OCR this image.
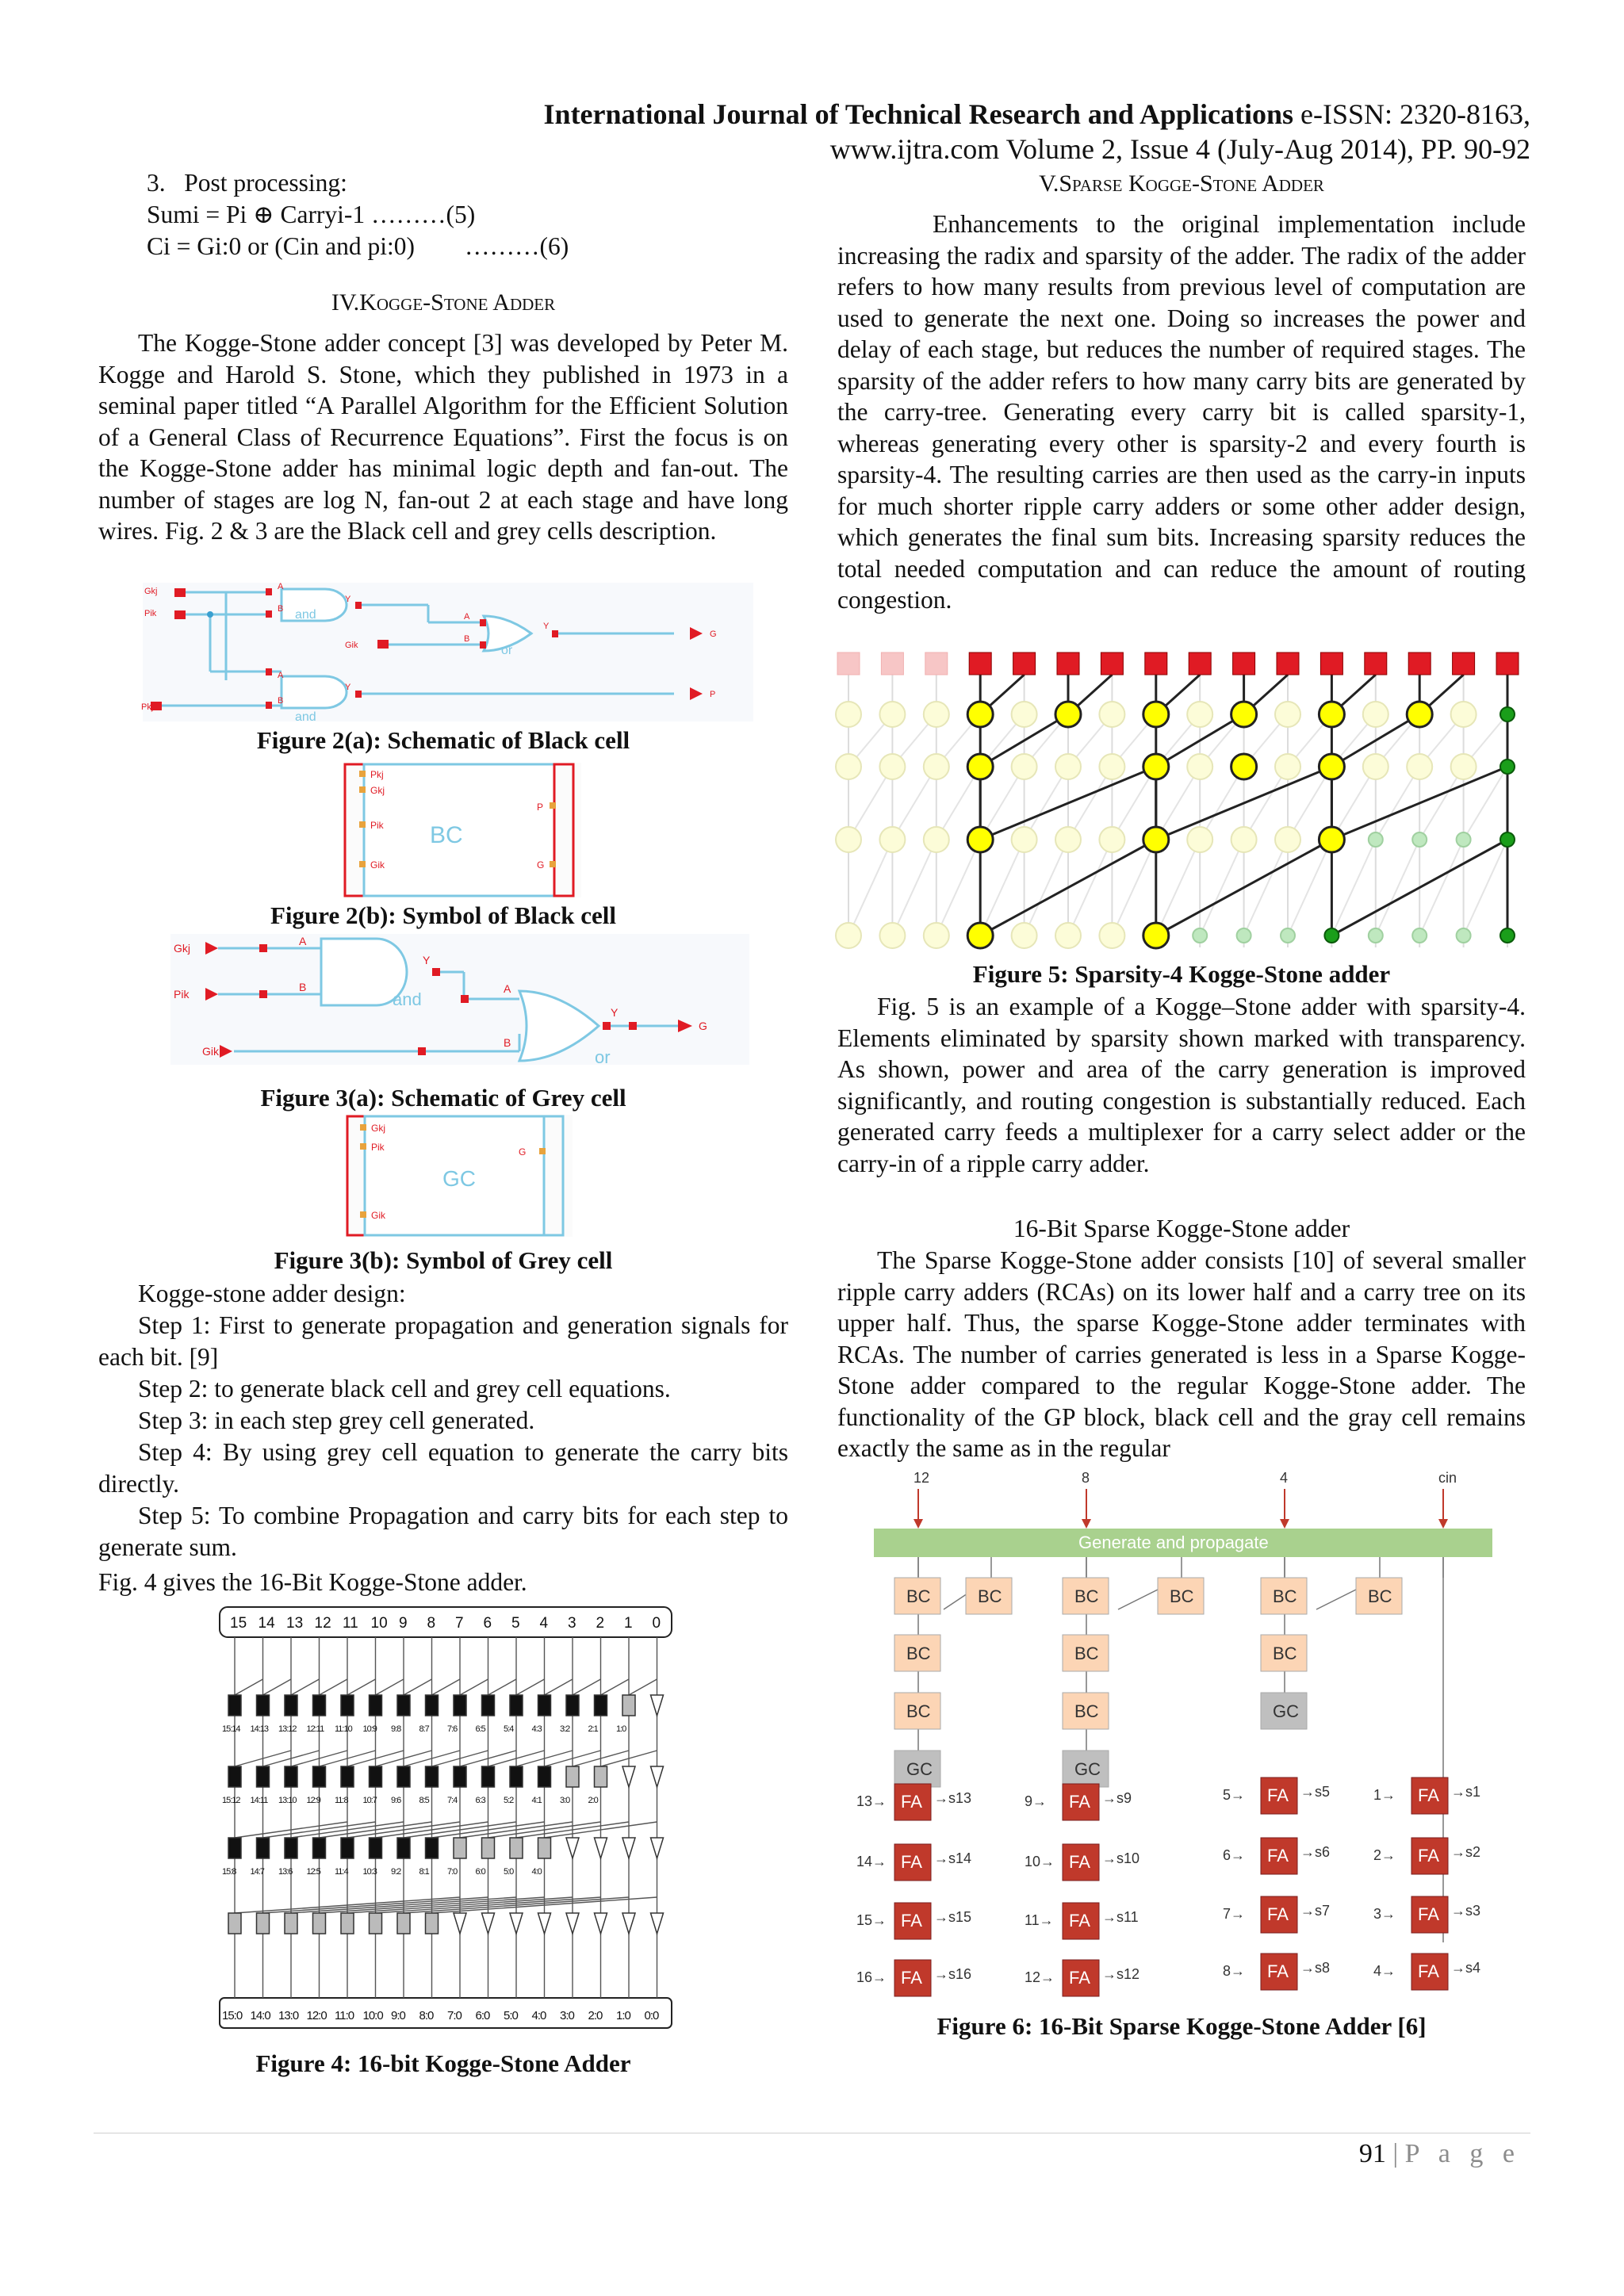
International Journal of Technical Research and Applications e-ISSN: 2320-8163,
www.ijtra.com Volume 2, Issue 4 (July-Aug 2014), PP. 90-92
3.   Post processing:
Sumi = Pi ⊕ Carryi-1 ………(5)
Ci = Gi:0 or (Cin and pi:0)        ………(6)
IV.Kogge-Stone Adder

The Kogge-Stone adder concept [3] was developed by Peter M. Kogge and Harold S. Stone, which they published in 1973 in a seminal paper titled “A Parallel Algorithm for the Efficient Solution of a General Class of Recurrence Equations”. First the focus is on the Kogge-Stone adder has minimal logic depth and fan-out. The number of stages are log N, fan-out 2 at each stage and have long wires. Fig. 2 & 3 are the Black cell and grey cells description.

Gkj
Pik
Gik
Pkj
A
B
Y
A
B
Y
A
B
Y
G
P
and
or
and
Figure 2(a): Schematic of Black cell
Pkj
Gkj
Pik
Gik
P
G
BC
Figure 2(b): Symbol of Black cell
Gkj
Pik
Gik
A
B
Y
A
B
Y
G
and
or
Figure 3(a): Schematic of Grey cell
Gkj
Pik
Gik
G
GC
Figure 3(b): Symbol of Grey cell
Kogge-stone adder design:

Step 1: First to generate propagation and generation signals for each bit. [9]

Step 2: to generate black cell and grey cell equations.

Step 3: in each step grey cell generated.

Step 4: By using grey cell equation to generate the carry bits directly.

Step 5: To combine Propagation and carry bits for each step to generate sum.

Fig. 4 gives the 16-Bit Kogge-Stone adder.
15 14 13 12 11 10 9 8 7 6 5 4 3 2 1 0
15:0 14:0 13:0 12:0 11:0 10:0 9:0 8:0 7:0 6:0 5:0 4:0 3:0 2:0 1:0 0:0
15:14 14:13 13:12 12:11 11:10 10:9 9:8 8:7 7:6 6:5 5:4 4:3 3:2 2:1 1:0
15:12 14:11 13:10 12:9 11:8 10:7 9:6 8:5 7:4 6:3 5:2 4:1 3:0 2:0
15:8 14:7 13:6 12:5 11:4 10:3 9:2 8:1 7:0 6:0 5:0 4:0
Figure 4: 16-bit Kogge-Stone Adder
V.Sparse Kogge-Stone Adder

Enhancements to the original implementation include increasing the radix and sparsity of the adder. The radix of the adder refers to how many results from previous level of computation are used to generate the next one. Doing so increases the power and delay of each stage, but reduces the number of required stages. The sparsity of the adder refers to how many carry bits are generated by the carry-tree. Generating every carry bit is called sparsity-1, whereas generating every other is sparsity-2 and every fourth is sparsity-4. The resulting carries are then used as the carry-in inputs for much shorter ripple carry adders or some other adder design, which generates the final sum bits. Increasing sparsity reduces the total needed computation and can reduce the amount of routing congestion.

Figure 5: Sparsity-4 Kogge-Stone adder

Fig. 5 is an example of a Kogge–Stone adder with sparsity-4. Elements eliminated by sparsity shown marked with transparency. As shown, power and area of the carry generation is improved significantly, and routing congestion is substantially reduced. Each generated carry feeds a multiplexer for a carry select adder or the carry-in of a ripple carry adder.

16-Bit Sparse Kogge-Stone adder

The Sparse Kogge-Stone adder consists [10] of several smaller ripple carry adders (RCAs) on its lower half and a carry tree on its upper half. Thus, the sparse Kogge-Stone adder terminates with RCAs. The number of carries generated is less in a Sparse Kogge- Stone adder compared to the regular Kogge-Stone adder. The functionality of the GP block, black cell and the gray cell remains exactly the same as in the regular

12	8	4	cin
Generate and propagate
BC	BC	BC	BC	BC	BC
BC	BC	BC
BC	BC	GC
GC	GC
FA
13→	→s13
FA
14→	→s14
FA
15→	→s15
FA
16→	→s16
FA
9→	→s9
FA
10→	→s10
FA
11→	→s11
FA
12→	→s12
FA
5→	→s5
FA
6→	→s6
FA
7→	→s7
FA
8→	→s8
FA
1→	→s1
FA
2→	→s2
FA
3→	→s3
FA
4→	→s4
Figure 6: 16-Bit Sparse Kogge-Stone Adder [6]
91 | P a g e
